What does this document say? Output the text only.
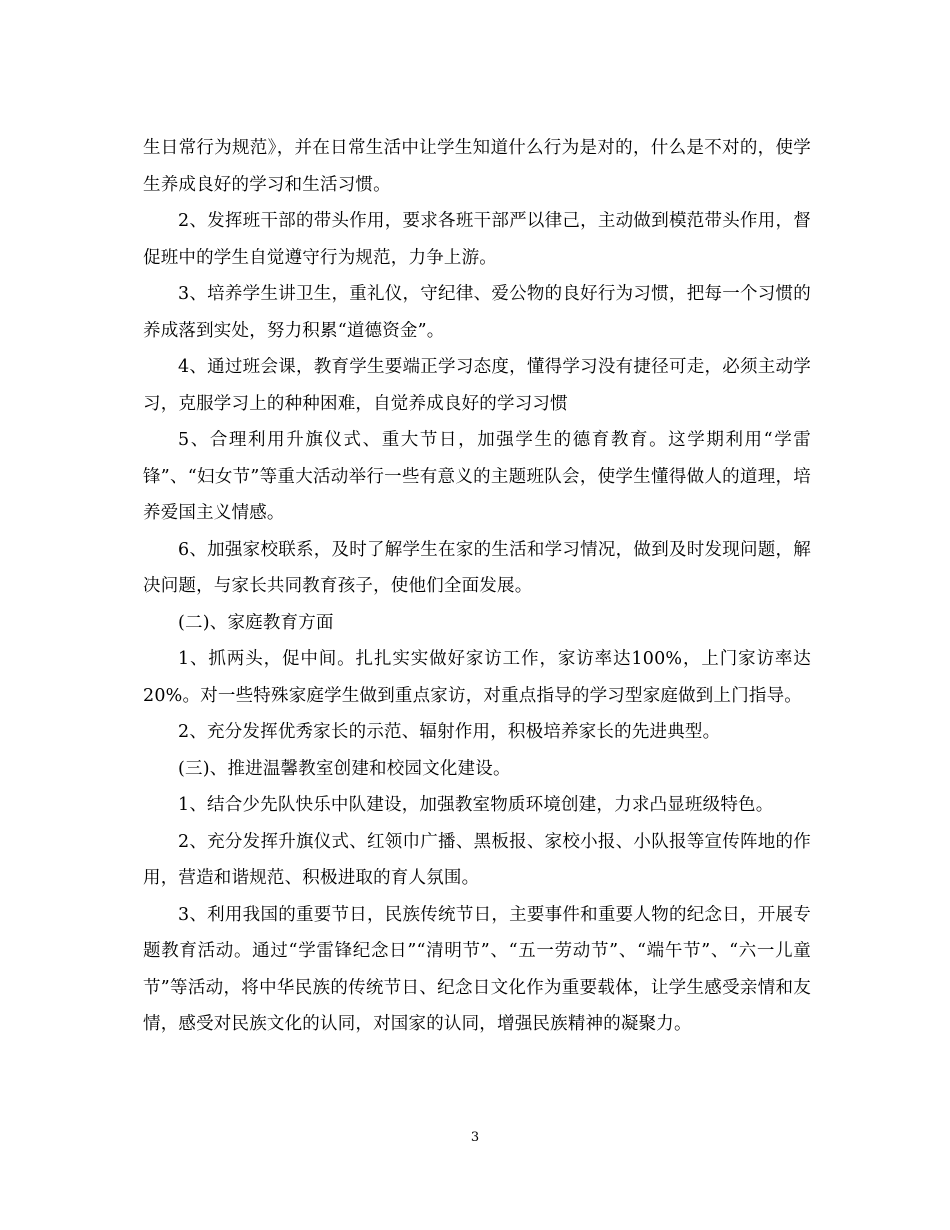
生日常行为规范》，并在日常生活中让学生知道什么行为是对的，什么是不对的，使学生养成良好的学习和生活习惯。

2、发挥班干部的带头作用，要求各班干部严以律己，主动做到模范带头作用，督促班中的学生自觉遵守行为规范，力争上游。

3、培养学生讲卫生，重礼仪，守纪律、爱公物的良好行为习惯，把每一个习惯的养成落到实处，努力积累“道德资金”。

4、通过班会课，教育学生要端正学习态度，懂得学习没有捷径可走，必须主动学习，克服学习上的种种困难，自觉养成良好的学习习惯

5、合理利用升旗仪式、重大节日，加强学生的德育教育。这学期利用“学雷锋”、“妇女节”等重大活动举行一些有意义的主题班队会，使学生懂得做人的道理，培养爱国主义情感。

6、加强家校联系，及时了解学生在家的生活和学习情况，做到及时发现问题，解决问题，与家长共同教育孩子，使他们全面发展。

(二)、家庭教育方面

1、抓两头，促中间。扎扎实实做好家访工作，家访率达100%，上门家访率达20%。对一些特殊家庭学生做到重点家访，对重点指导的学习型家庭做到上门指导。

2、充分发挥优秀家长的示范、辐射作用，积极培养家长的先进典型。

(三)、推进温馨教室创建和校园文化建设。

1、结合少先队快乐中队建设，加强教室物质环境创建，力求凸显班级特色。

2、充分发挥升旗仪式、红领巾广播、黑板报、家校小报、小队报等宣传阵地的作用，营造和谐规范、积极进取的育人氛围。

3、利用我国的重要节日，民族传统节日，主要事件和重要人物的纪念日，开展专题教育活动。通过“学雷锋纪念日”“清明节”、“五一劳动节”、“端午节”、“六一儿童节”等活动，将中华民族的传统节日、纪念日文化作为重要载体，让学生感受亲情和友情，感受对民族文化的认同，对国家的认同，增强民族精神的凝聚力。

3
